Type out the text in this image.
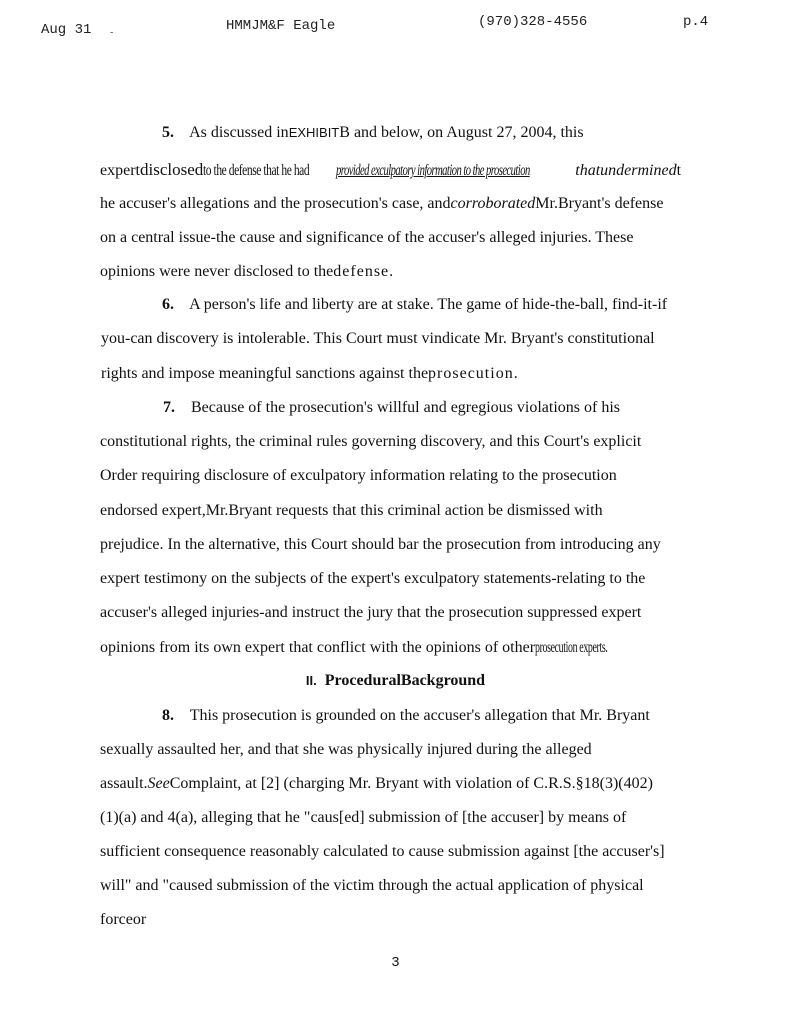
Aug 31 -	HMMJM&F Eagle	(970)328-4556	p.4
5. As discussed inEXHIBITB and below, on August 27, 2004, this
expertdisclosedto the defense that he had provided exculpatory information to the prosecution	thatunderminedt
he accuser's allegations and the prosecution's case, andcorroboratedMr.Bryant's defense
on a central issue-the cause and significance of the accuser's alleged injuries. These
opinions were never disclosed to thedefense.
6. A person's life and liberty are at stake. The game of hide-the-ball, find-it-if
you-can discovery is intolerable. This Court must vindicate Mr. Bryant's constitutional
rights and impose meaningful sanctions against theprosecution.
7. Because of the prosecution's willful and egregious violations of his
constitutional rights, the criminal rules governing discovery, and this Court's explicit
Order requiring disclosure of exculpatory information relating to the prosecution
endorsed expert,Mr.Bryant requests that this criminal action be dismissed with
prejudice. In the alternative, this Court should bar the prosecution from introducing any
expert testimony on the subjects of the expert's exculpatory statements-relating to the
accuser's alleged injuries-and instruct the jury that the prosecution suppressed expert
opinions from its own expert that conflict with the opinions of otherprosecution experts.
II. ProceduralBackground
8. This prosecution is grounded on the accuser's allegation that Mr. Bryant
sexually assaulted her, and that she was physically injured during the alleged
assault.SeeComplaint, at [2] (charging Mr. Bryant with violation of C.R.S.§18(3)(402)
(1)(a) and 4(a), alleging that he "caus[ed] submission of [the accuser] by means of
sufficient consequence reasonably calculated to cause submission against [the accuser's]
will" and "caused submission of the victim through the actual application of physical
forceor
3
